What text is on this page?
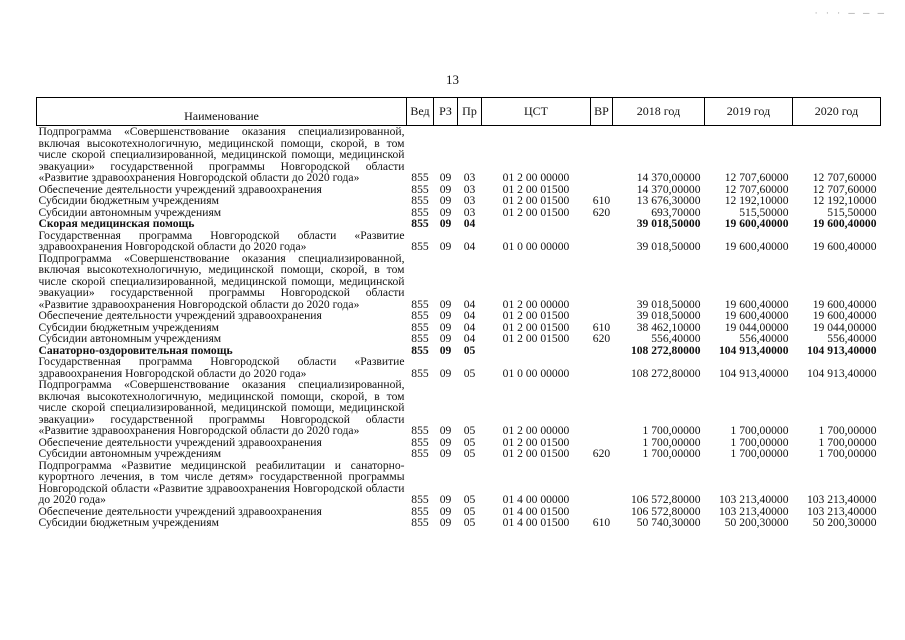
· · · ─ ─ ─
13
Наименование	Вед	РЗ	Пр	ЦСТ	ВР	2018 год	2019 год	2020 год
Подпрограмма «Совершенствование оказания специализированной, включая высокотехнологичную, медицинской помощи, скорой, в том числе скорой специализированной, медицинской помощи, медицинской эвакуации» государственной программы Новгородской области «Развитие здравоохранения Новгородской области до 2020 года»	855	09	03	01 2 00 00000		14 370,00000	12 707,60000	12 707,60000
Обеспечение деятельности учреждений здравоохранения	855	09	03	01 2 00 01500		14 370,00000	12 707,60000	12 707,60000
Субсидии бюджетным учреждениям	855	09	03	01 2 00 01500	610	13 676,30000	12 192,10000	12 192,10000
Субсидии автономным учреждениям	855	09	03	01 2 00 01500	620	693,70000	515,50000	515,50000
Скорая медицинская помощь	855	09	04			39 018,50000	19 600,40000	19 600,40000
Государственная программа Новгородской области «Развитие здравоохранения Новгородской области до 2020 года»	855	09	04	01 0 00 00000		39 018,50000	19 600,40000	19 600,40000
Подпрограмма «Совершенствование оказания специализированной, включая высокотехнологичную, медицинской помощи, скорой, в том числе скорой специализированной, медицинской помощи, медицинской эвакуации» государственной программы Новгородской области «Развитие здравоохранения Новгородской области до 2020 года»	855	09	04	01 2 00 00000		39 018,50000	19 600,40000	19 600,40000
Обеспечение деятельности учреждений здравоохранения	855	09	04	01 2 00 01500		39 018,50000	19 600,40000	19 600,40000
Субсидии бюджетным учреждениям	855	09	04	01 2 00 01500	610	38 462,10000	19 044,00000	19 044,00000
Субсидии автономным учреждениям	855	09	04	01 2 00 01500	620	556,40000	556,40000	556,40000
Санаторно-оздоровительная помощь	855	09	05			108 272,80000	104 913,40000	104 913,40000
Государственная программа Новгородской области «Развитие здравоохранения Новгородской области до 2020 года»	855	09	05	01 0 00 00000		108 272,80000	104 913,40000	104 913,40000
Подпрограмма «Совершенствование оказания специализированной, включая высокотехнологичную, медицинской помощи, скорой, в том числе скорой специализированной, медицинской помощи, медицинской эвакуации» государственной программы Новгородской области «Развитие здравоохранения Новгородской области до 2020 года»	855	09	05	01 2 00 00000		1 700,00000	1 700,00000	1 700,00000
Обеспечение деятельности учреждений здравоохранения	855	09	05	01 2 00 01500		1 700,00000	1 700,00000	1 700,00000
Субсидии автономным учреждениям	855	09	05	01 2 00 01500	620	1 700,00000	1 700,00000	1 700,00000
Подпрограмма «Развитие медицинской реабилитации и санаторно-курортного лечения, в том числе детям» государственной программы Новгородской области «Развитие здравоохранения Новгородской области до 2020 года»	855	09	05	01 4 00 00000		106 572,80000	103 213,40000	103 213,40000
Обеспечение деятельности учреждений здравоохранения	855	09	05	01 4 00 01500		106 572,80000	103 213,40000	103 213,40000
Субсидии бюджетным учреждениям	855	09	05	01 4 00 01500	610	50 740,30000	50 200,30000	50 200,30000
